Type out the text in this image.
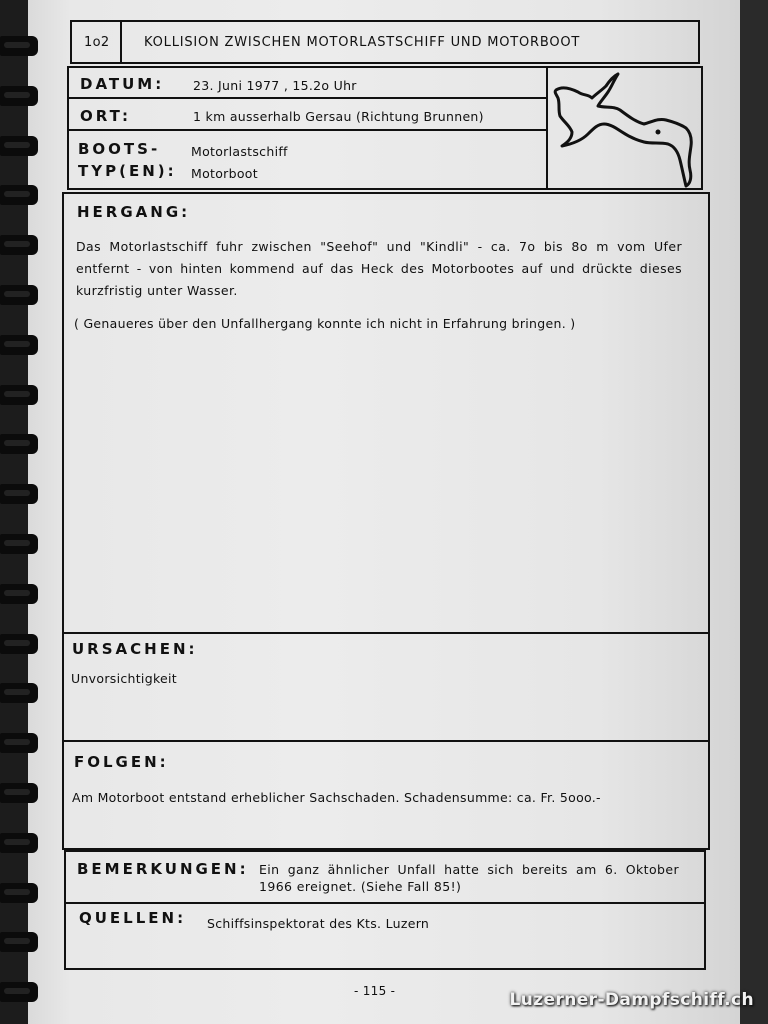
1o2	KOLLISION ZWISCHEN MOTORLASTSCHIFF UND MOTORBOOT
DATUM: 23. Juni 1977 , 15.2o Uhr
ORT:	1 km ausserhalb Gersau (Richtung Brunnen)
BOOTS-
TYP(EN):
Motorlastschiff
Motorboot
HERGANG:
Das Motorlastschiff fuhr zwischen "Seehof" und "Kindli" - ca. 7o bis 8o m vom Ufer entfernt - von hinten kommend auf das Heck des Motorbootes auf und drückte dieses kurzfristig unter Wasser.
( Genaueres über den Unfallhergang konnte ich nicht in Erfahrung bringen. )
URSACHEN:
Unvorsichtigkeit
FOLGEN:
Am Motorboot entstand erheblicher Sachschaden. Schadensumme: ca. Fr. 5ooo.-
BEMERKUNGEN: Ein ganz ähnlicher Unfall hatte sich bereits am 6. Oktober 1966 ereignet. (Siehe Fall 85!)
QUELLEN: Schiffsinspektorat des Kts. Luzern
- 115 -	Luzerner-Dampfschiff.ch
